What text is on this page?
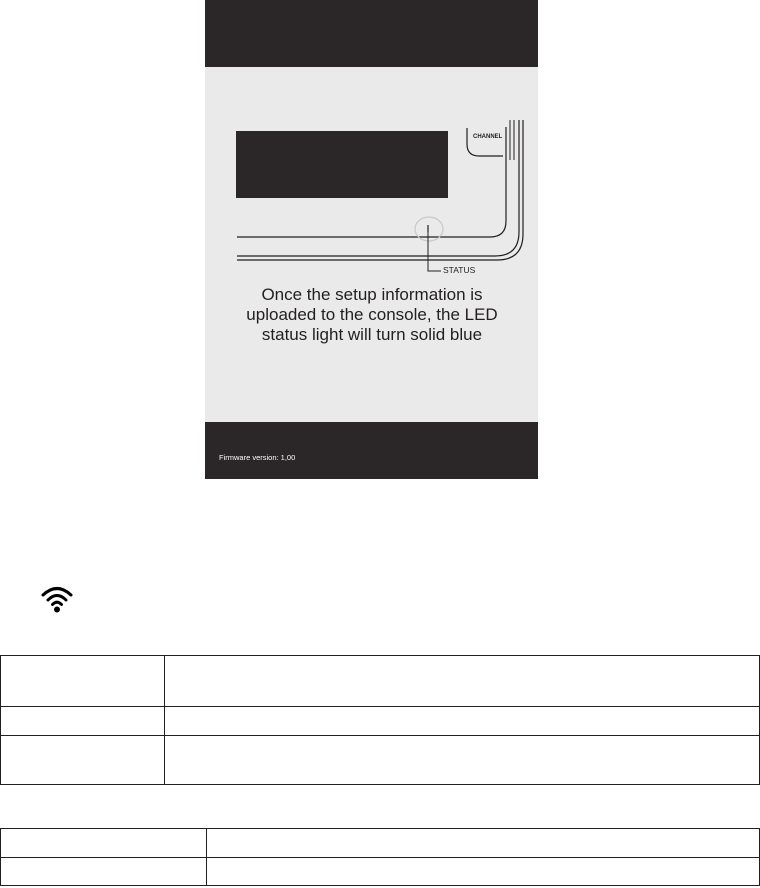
CHANNEL
STATUS
Once the setup information is uploaded to the console, the LED status light will turn solid blue
Firmware version: 1,00
